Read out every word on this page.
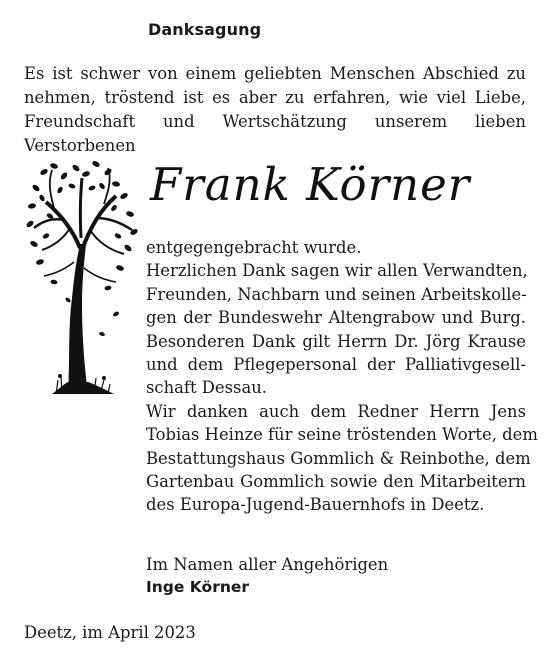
Danksagung
Es ist schwer von einem geliebten Menschen Abschied zu
nehmen, tröstend ist es aber zu erfahren, wie viel Liebe,
Freundschaft und Wertschätzung unserem lieben Verstorbenen
Frank Körner
entgegengebracht wurde.
Herzlichen Dank sagen wir allen Verwandten,
Freunden, Nachbarn und seinen Arbeitskolle-
gen der Bundeswehr Altengrabow und Burg.
Besonderen Dank gilt Herrn Dr. Jörg Krause
und dem Pflegepersonal der Palliativgesell-
schaft Dessau.
Wir danken auch dem Redner Herrn Jens
Tobias Heinze für seine tröstenden Worte, dem
Bestattungshaus Gommlich & Reinbothe, dem
Gartenbau Gommlich sowie den Mitarbeitern
des Europa-Jugend-Bauernhofs in Deetz.
Im Namen aller Angehörigen
Inge Körner
Deetz, im April 2023
